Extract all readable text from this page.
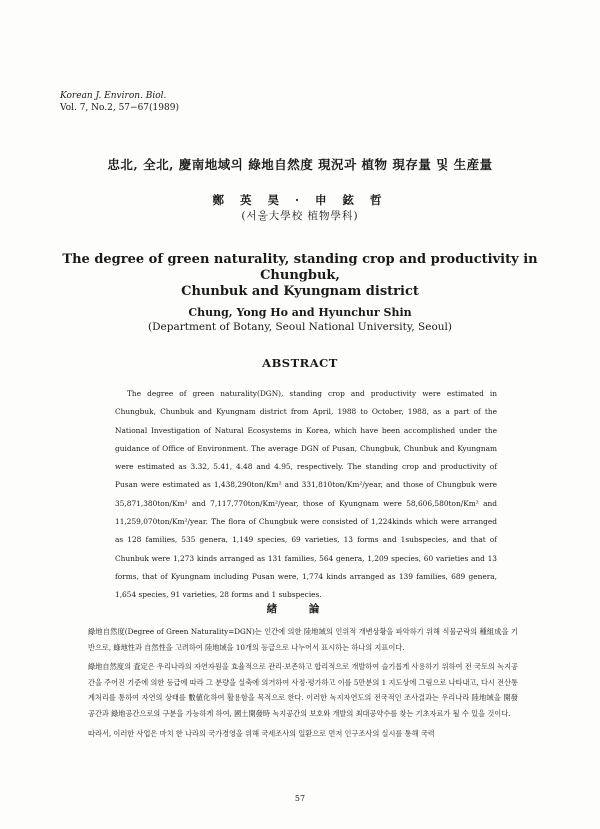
Korean J. Environ. Biol.
Vol. 7, No.2, 57−67(1989)
忠北, 全北, 慶南地域의 綠地自然度 現況과 植物 現存量 및 生産量
鄭 英 昊 · 申 鉉 哲
(서울大學校 植物學科)
The degree of green naturality, standing crop and productivity in Chungbuk,
Chunbuk and Kyungnam district
Chung, Yong Ho and Hyunchur Shin
(Department of Botany, Seoul National University, Seoul)
ABSTRACT
The degree of green naturality(DGN), standing crop and productivity were estimated in Chungbuk, Chunbuk and Kyungnam district from April, 1988 to October, 1988, as a part of the National Investigation of Natural Ecosystems in Korea, which have been accomplished under the guidance of Office of Environment. The average DGN of Pusan, Chungbuk, Chunbuk and Kyungnam were estimated as 3.32, 5.41, 4.48 and 4.95, respectively. The standing crop and productivity of Pusan were estimated as 1,438,290ton/Km² and 331,810ton/Km²/year, and those of Chungbuk were 35,871,380ton/Km² and 7,117,770ton/Km²/year, those of Kyungnam were 58,606,580ton/Km² and 11,259,070ton/Km²/year. The flora of Chungbuk were consisted of 1,224kinds which were arranged as 128 families, 535 genera, 1,149 species, 69 varieties, 13 forms and 1subspecies, and that of Chunbuk were 1,273 kinds arranged as 131 families, 564 genera, 1,209 species, 60 varieties and 13 forms, that of Kyungnam including Pusan were, 1,774 kinds arranged as 139 families, 689 genera, 1,654 species, 91 varieties, 28 forms and 1 subspecies.
緖 論

綠地自然度(Degree of Green Naturality=DGN)는 인간에 의한 陸地域의 인위적 개변상황을 파악하기 위해 식물군락의 種組成을 기반으로, 綠地性과 自然性을 고려하여 陸地域을 10개의 등급으로 나누어서 표시하는 하나의 지표이다.

綠地自然度의 査定은 우리나라의 자연자원을 효율적으로 관리·보존하고 합리적으로 개발하여 슬기롭게 사용하기 위하여 전 국토의 녹지공간을 주어진 기준에 의한 등급에 따라 그 분량을 실축에 의거하여 사정·평가하고 이를 5만분의 1 지도상에 그림으로 나타내고, 다시 전산통계처리를 통하여 자연의 상태를 數値化하여 활용함을 목적으로 한다. 이러한 녹지자연도의 전국적인 조사결과는 우리나라 陸地域을 開發공간과 綠地공간으로의 구분을 가능하게 하여, 國土開發時 녹지공간의 보호와 개발의 최대공약수를 찾는 기초자료가 될 수 있을 것이다.

따라서, 이러한 사업은 마치 한 나라의 국가경영을 위해 국세조사의 일환으로 먼저 인구조사의 실시를 통해 국력

57
